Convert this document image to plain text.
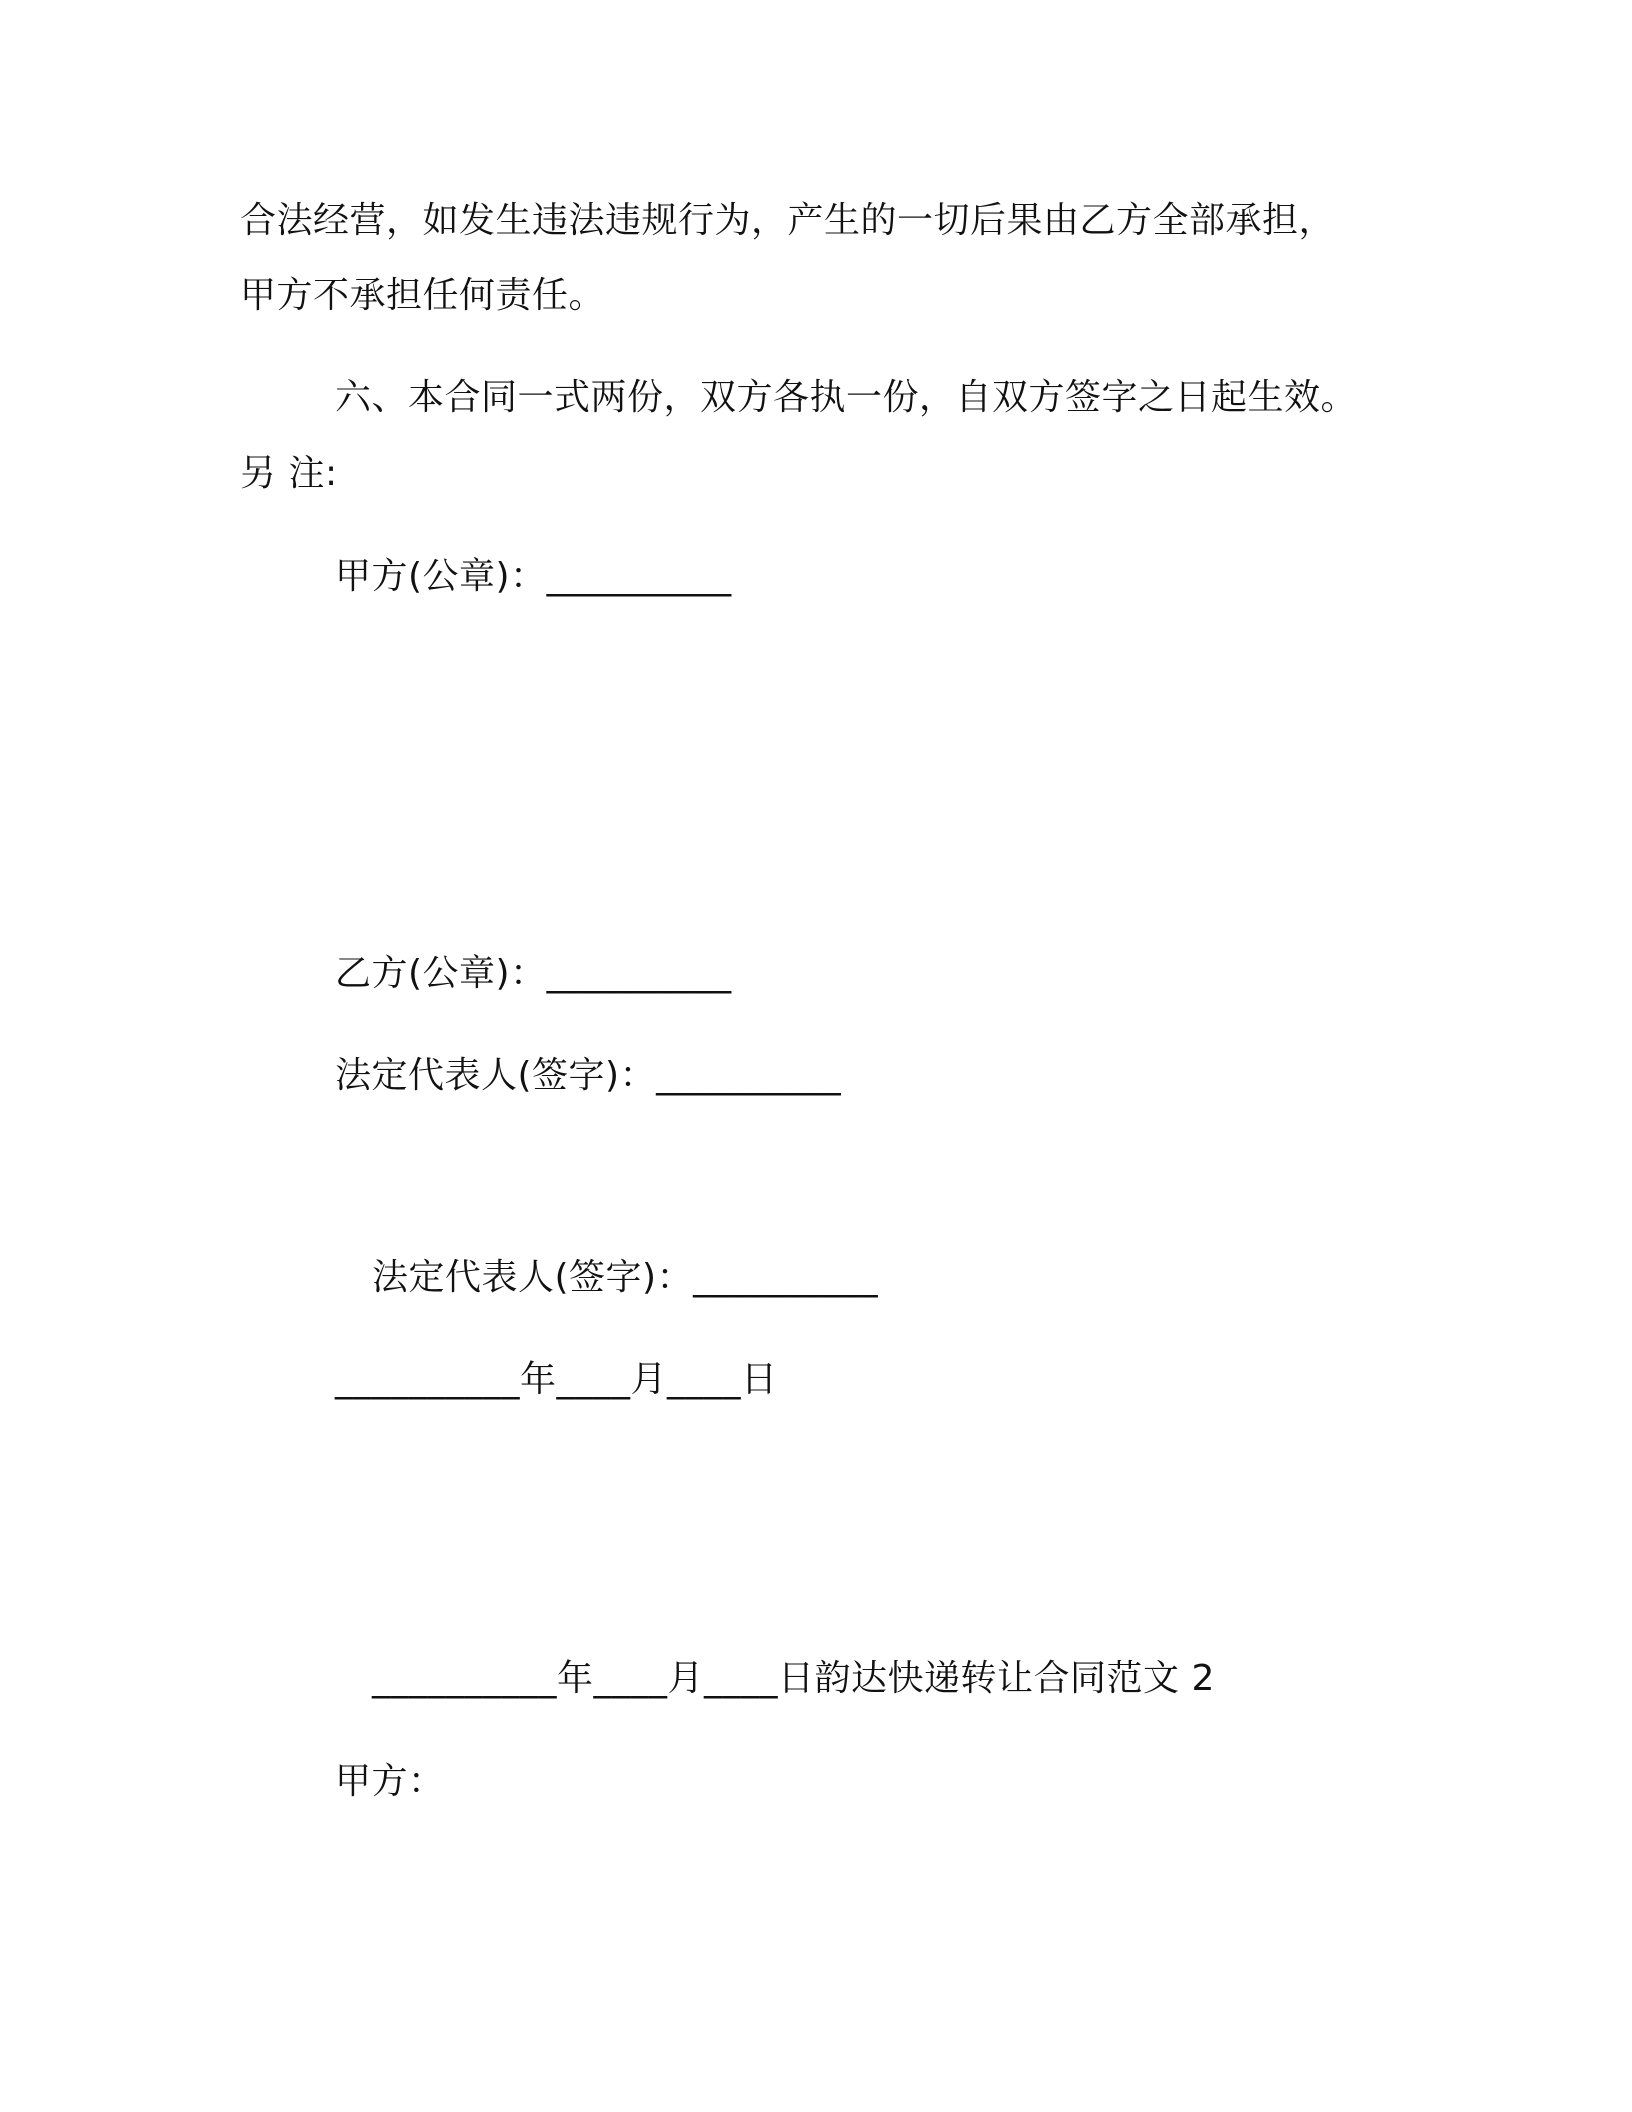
合法经营，如发生违法违规行为，产生的一切后果由乙方全部承担，
甲方不承担任何责任。
六、本合同一式两份，双方各执一份，自双方签字之日起生效。
另 注:
甲方(公章)：__________
乙方(公章)：__________
法定代表人(签字)：__________
法定代表人(签字)：__________
__________年____月____日
__________年____月____日韵达快递转让合同范文 2
甲方：
